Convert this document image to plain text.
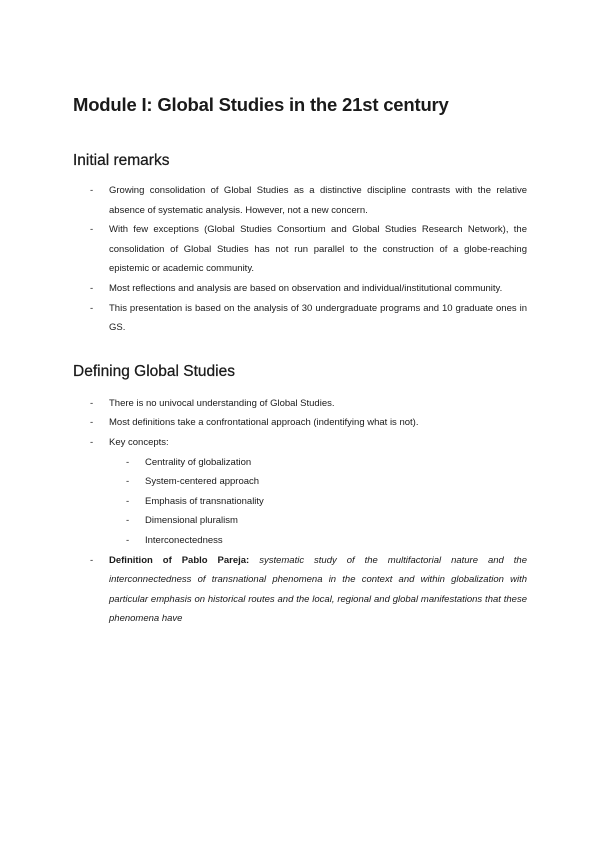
Module I: Global Studies in the 21st century
Initial remarks
- Growing consolidation of Global Studies as a distinctive discipline contrasts with the relative absence of systematic analysis. However, not a new concern.
- With few exceptions (Global Studies Consortium and Global Studies Research Network), the consolidation of Global Studies has not run parallel to the construction of a globe-reaching epistemic or academic community.
- Most reflections and analysis are based on observation and individual/institutional community.
- This presentation is based on the analysis of 30 undergraduate programs and 10 graduate ones in GS.
Defining Global Studies
- There is no univocal understanding of Global Studies.
- Most definitions take a confrontational approach (indentifying what is not).
- Key concepts:
- Centrality of globalization
- System-centered approach
- Emphasis of transnationality
- Dimensional pluralism
- Interconectedness
- Definition of Pablo Pareja: systematic study of the multifactorial nature and the interconnectedness of transnational phenomena in the context and within globalization with particular emphasis on historical routes and the local, regional and global manifestations that these phenomena have
